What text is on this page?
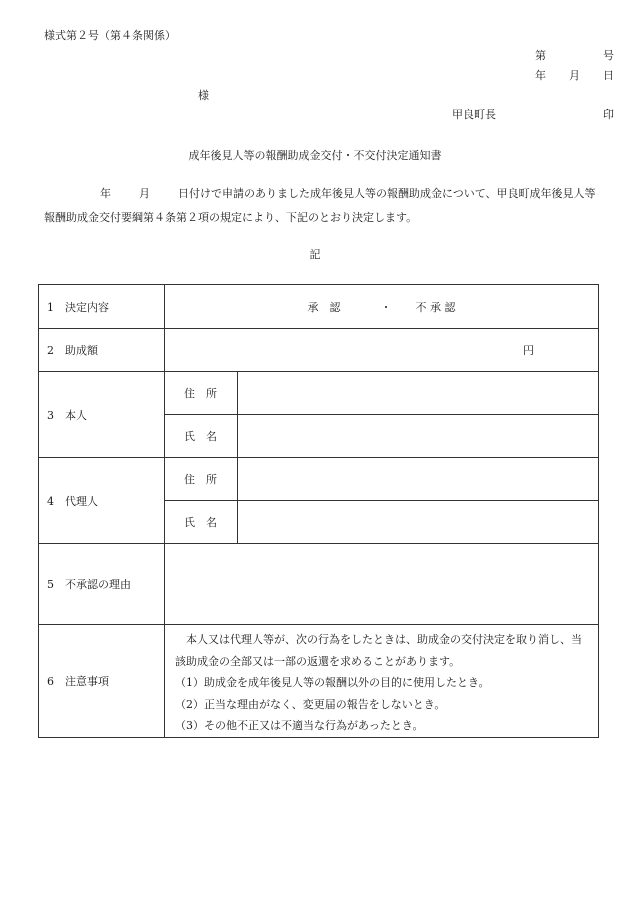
様式第２号（第４条関係）
第	号
年 月 日
様
甲良町長	印
成年後見人等の報酬助成金交付・不交付決定通知書
年	月	日付けで申請のありました成年後見人等の報酬助成金について、甲良町成年後見人等報酬助成金交付要綱第４条第２項の規定により、下記のとおり決定します。
記
1　決定内容	承　認 ・ 不 承 認	
2　助成額	円	
3　本人	住　所	
	氏　名	
4　代理人	住　所	
	氏　名	
5　不承認の理由		
6　注意事項	本人又は代理人等が、次の行為をしたときは、助成金の交付決定を取り消し、当該助成金の全部又は一部の返還を求めることがあります。

（1）助成金を成年後見人等の報酬以外の目的に使用したとき。

（2）正当な理由がなく、変更届の報告をしないとき。

（3）その他不正又は不適当な行為があったとき。	
